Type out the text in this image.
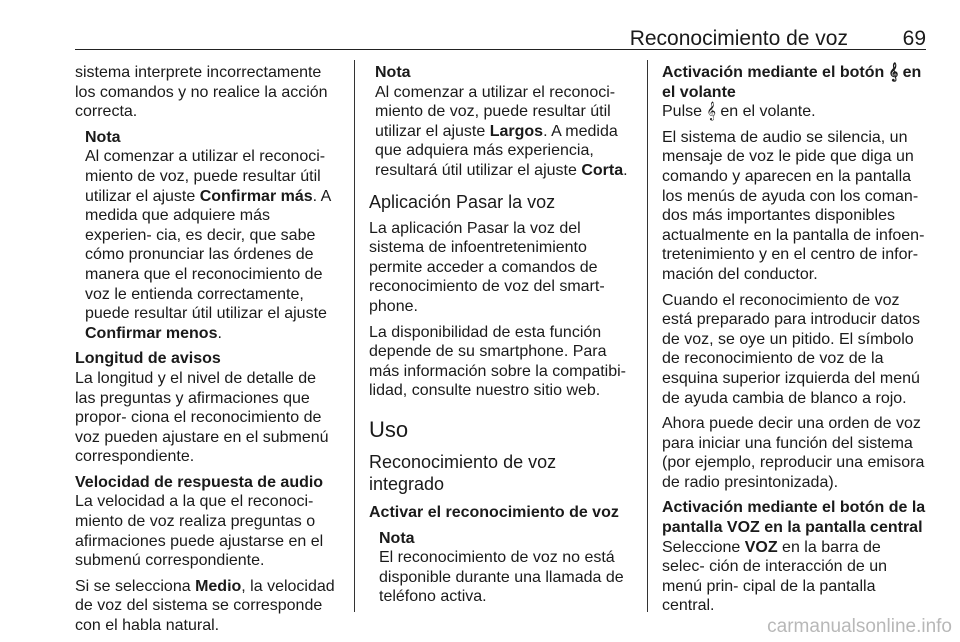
Reconocimiento de voz	69

sistema interprete incorrectamente los comandos y no realice la acción correcta.

Nota

Al comenzar a utilizar el reconoci‐ miento de voz, puede resultar útil utilizar el ajuste Confirmar más. A medida que adquiere más experien‐ cia, es decir, que sabe cómo pronunciar las órdenes de manera que el reconocimiento de voz le entienda correctamente, puede resultar útil utilizar el ajuste Confirmar menos.

Longitud de avisos

La longitud y el nivel de detalle de las preguntas y afirmaciones que propor‐ ciona el reconocimiento de voz pueden ajustare en el submenú correspondiente.

Velocidad de respuesta de audio

La velocidad a la que el reconoci‐ miento de voz realiza preguntas o afirmaciones puede ajustarse en el submenú correspondiente.

Si se selecciona Medio, la velocidad de voz del sistema se corresponde con el habla natural.

Nota

Al comenzar a utilizar el reconoci‐ miento de voz, puede resultar útil utilizar el ajuste Largos. A medida que adquiera más experiencia, resultará útil utilizar el ajuste Corta.

Aplicación Pasar la voz

La aplicación Pasar la voz del sistema de infoentretenimiento permite acceder a comandos de reconocimiento de voz del smart‐ phone.

La disponibilidad de esta función depende de su smartphone. Para más información sobre la compatibi‐ lidad, consulte nuestro sitio web.

Uso

Reconocimiento de voz integrado

Activar el reconocimiento de voz

Nota

El reconocimiento de voz no está disponible durante una llamada de teléfono activa.

Activación mediante el botón 𝄞 en el volante

Pulse 𝄞 en el volante.

El sistema de audio se silencia, un mensaje de voz le pide que diga un comando y aparecen en la pantalla los menús de ayuda con los coman‐ dos más importantes disponibles actualmente en la pantalla de infoen‐ tretenimiento y en el centro de infor‐ mación del conductor.

Cuando el reconocimiento de voz está preparado para introducir datos de voz, se oye un pitido. El símbolo de reconocimiento de voz de la esquina superior izquierda del menú de ayuda cambia de blanco a rojo.

Ahora puede decir una orden de voz para iniciar una función del sistema (por ejemplo, reproducir una emisora de radio presintonizada).

Activación mediante el botón de la pantalla VOZ en la pantalla central

Seleccione VOZ en la barra de selec‐ ción de interacción de un menú prin‐ cipal de la pantalla central.

carmanualsonline.info
